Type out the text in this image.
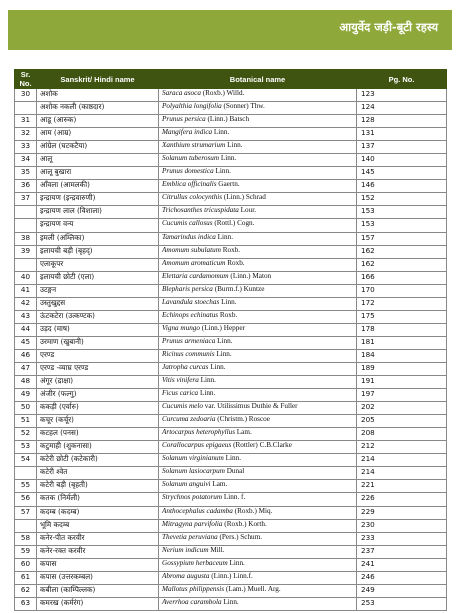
आयुर्वेद जड़ी-बूटी रहस्य
Sr. No.	Sanskrit/ Hindi name	Botanical name	Pg. No.
30	अशोक	Saraca asoca (Roxb.) Willd.	123
	अशोक नकली (काष्ठदार)	Polyalthia longifolia (Sonner) Thw.	124
31	आडू (आरुक)	Prunus persica (Linn.) Batsch	128
32	आम (आम्र)	Mangifera indica Linn.	131
33	आंग्रेल (घटकटैया)	Xanthium strumarium Linn.	137
34	आलू	Solanum tuberosum Linn.	140
35	आलू बुखारा	Prunus domestica Linn.	145
36	आँवला (आमलकी)	Emblica officinalis Gaertn.	146
37	इन्द्रायण (इन्द्रवारुणी)	Citrullus colocynthis (Linn.) Schrad	152
	इन्द्रायण लाल (विशाला)	Trichosanthes tricuspidata Lour.	153
	इन्द्रायण वन्य	Cucumis callosus (Rottl.) Cogn.	153
38	इमली (अम्लिका)	Tamarindus indica Linn.	157
39	इलायची बड़ी (बृहद्)	Amomum subulatum Roxb.	162
	एलाकूपर	Amomum aromaticum Roxb.	162
40	इलायची छोटी (एला)	Elettaria cardamomum (Linn.) Maton	166
41	उटङ्गन	Blepharis persica (Burm.f.) Kuntze	170
42	उस्तुखुद्दस	Lavandula stoechas Linn.	172
43	ऊंटकटेरा (उत्कण्टक)	Echinops echinatus Roxb.	175
44	उड़द (माष)	Vigna mungo (Linn.) Hepper	178
45	उरमाण (खुबानी)	Prunus armeniaca Linn.	181
46	एरण्ड	Ricinus communis Linn.	184
47	एरण्ड -व्याघ्र एरण्ड	Jatropha curcas Linn.	189
48	अंगूर (द्राक्षा)	Vitis vinifera Linn.	191
49	अंजीर (फल्गु)	Ficus carica Linn.	197
50	ककड़ी (एर्वारु)	Cucumis melo var. Utilissimus Duthie & Fuller	202
51	कचूर (कर्चूर)	Curcuma zedoaria (Christm.) Roscoe	205
52	कटहल (पनस)	Artocarpus heterophyllus Lam.	208
53	कटुमाही (शुकनासा)	Corallocarpus epigaeus (Rottler) C.B.Clarke	212
54	कटेरी छोटी (कटेकारी)	Solanum virginianum Linn.	214
	कटेरी श्वेत	Solanum lasiocarpum Dunal	214
55	कटेरी बड़ी (बृहती)	Solanum anguivi Lam.	221
56	कतक (निर्मली)	Strychnos potatorum Linn. f.	226
57	कदम्ब (कदम्ब)	Anthocephalus cadamba (Roxb.) Miq.	229
	भूमि कदम्ब	Mitragyna parvifolia (Roxb.) Korth.	230
58	कनेर-पीत करवीर	Thevetia peruviana (Pers.) Schum.	233
59	कनेर-रक्त करवीर	Nerium indicum Mill.	237
60	कपास	Gossypium herbaceum Linn.	241
61	कपास (उत्तरकम्बल)	Abroma augusta (Linn.) Linn.f.	246
62	कबीला (काम्पिल्लक)	Mallotus philippensis (Lam.) Muell. Arg.	249
63	कमरख (कर्मरंग)	Averrhoa carambola Linn.	253
